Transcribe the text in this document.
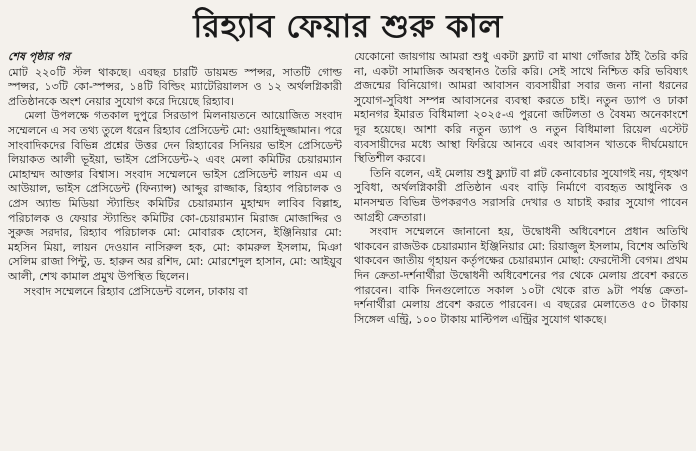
রিহ্যাব ফেয়ার শুরু কাল
শেষ পৃষ্ঠার পর

মোট ২২০টি স্টল থাকছে। এবছর চারটি ডায়মন্ড স্পন্সর, সাতটি গোল্ড স্পন্সর, ১৩টি কো-স্পন্সর, ১৪টি বিল্ডিং ম্যাটেরিয়ালস ও ১২ অর্থলগ্নিকারী প্রতিষ্ঠানকে অংশ নেয়ার সুযোগ করে দিয়েছে রিহ্যাব।

মেলা উপলক্ষে গতকাল দুপুরে সিরডাপ মিলনায়তনে আয়োজিত সংবাদ সম্মেলনে এ সব তথ্য তুলে ধরেন রিহ্যাব প্রেসিডেন্ট মো: ওয়াহিদুজ্জামান। পরে সাংবাদিকদের বিভিন্ন প্রশ্নের উত্তর দেন রিহ্যাবের সিনিয়র ভাইস প্রেসিডেন্ট লিয়াকত আলী ভূইয়া, ভাইস প্রেসিডেন্ট-২ এবং মেলা কমিটির চেয়ারম্যান মোহাম্মদ আক্তার বিশ্বাস। সংবাদ সম্মেলনে ভাইস প্রেসিডেন্ট লায়ন এম এ আউয়াল, ভাইস প্রেসিডেন্ট (ফিন্যান্স) আব্দুর রাজ্জাক, রিহ্যাব পরিচালক ও প্রেস অ্যান্ড মিডিয়া স্ট্যান্ডিং কমিটির চেয়ারম্যান মুহাম্মদ লাবিব বিল্লাহ, পরিচালক ও ফেয়ার স্ট্যান্ডিং কমিটির কো-চেয়ারম্যান মিরাজ মোজাদ্দির ও সুরুজ সরদার, রিহ্যাব পরিচালক মো: মোবারক হোসেন, ইঞ্জিনিয়ার মো: মহসিন মিয়া, লায়ন দেওয়ান নাসিরুল হক, মো: কামরুল ইসলাম, মিঞা সেলিম রাজা পিন্টু, ড. হারুন অর রশিদ, মো: মোরশেদুল হাসান, মো: আইয়ুব আলী, শেখ কামাল প্রমুখ উপস্থিত ছিলেন।

সংবাদ সম্মেলনে রিহ্যাব প্রেসিডেন্ট বলেন, ঢাকায় বা

যেকোনো জায়গায় আমরা শুধু একটা ফ্ল্যাট বা মাথা গোঁজার ঠাঁই তৈরি করি না, একটা সামাজিক অবস্থানও তৈরি করি। সেই সাথে নিশ্চিত করি ভবিষ্যৎ প্রজন্মের বিনিয়োগ। আমরা আবাসন ব্যবসায়ীরা সবার জন্য নানা ধরনের সুযোগ-সুবিধা সম্পন্ন আবাসনের ব্যবস্থা করতে চাই। নতুন ড্যাপ ও ঢাকা মহানগর ইমারত বিধিমালা ২০২৫-এ পুরনো জটিলতা ও বৈষম্য অনেকাংশে দূর হয়েছে। আশা করি নতুন ড্যাপ ও নতুন বিধিমালা রিয়েল এস্টেট ব্যবসায়ীদের মধ্যে আস্থা ফিরিয়ে আনবে এবং আবাসন খাতকে দীর্ঘমেয়াদে স্থিতিশীল করবে।

তিনি বলেন, এই মেলায় শুধু ফ্ল্যাট বা প্লট কেনাবেচার সুযোগই নয়, গৃহঋণ সুবিধা, অর্থলগ্নিকারী প্রতিষ্ঠান এবং বাড়ি নির্মাণে ব্যবহৃত আধুনিক ও মানসম্মত বিভিন্ন উপকরণও সরাসরি দেখার ও যাচাই করার সুযোগ পাবেন আগ্রহী ক্রেতারা।

সংবাদ সম্মেলনে জানানো হয়, উদ্বোধনী অধিবেশনে প্রধান অতিথি থাকবেন রাজউক চেয়ারম্যান ইঞ্জিনিয়ার মো: রিয়াজুল ইসলাম, বিশেষ অতিথি থাকবেন জাতীয় গৃহায়ন কর্তৃপক্ষের চেয়ারম্যান মোছা: ফেরদৌসী বেগম। প্রথম দিন ক্রেতা-দর্শনার্থীরা উদ্বোধনী অধিবেশনের পর থেকে মেলায় প্রবেশ করতে পারবেন। বাকি দিনগুলোতে সকাল ১০টা থেকে রাত ৯টা পর্যন্ত ক্রেতা-দর্শনার্থীরা মেলায় প্রবেশ করতে পারবেন। এ বছরের মেলাতেও ৫০ টাকায় সিঙ্গেল এন্ট্রি, ১০০ টাকায় মাল্টিপল এন্ট্রির সুযোগ থাকছে।
